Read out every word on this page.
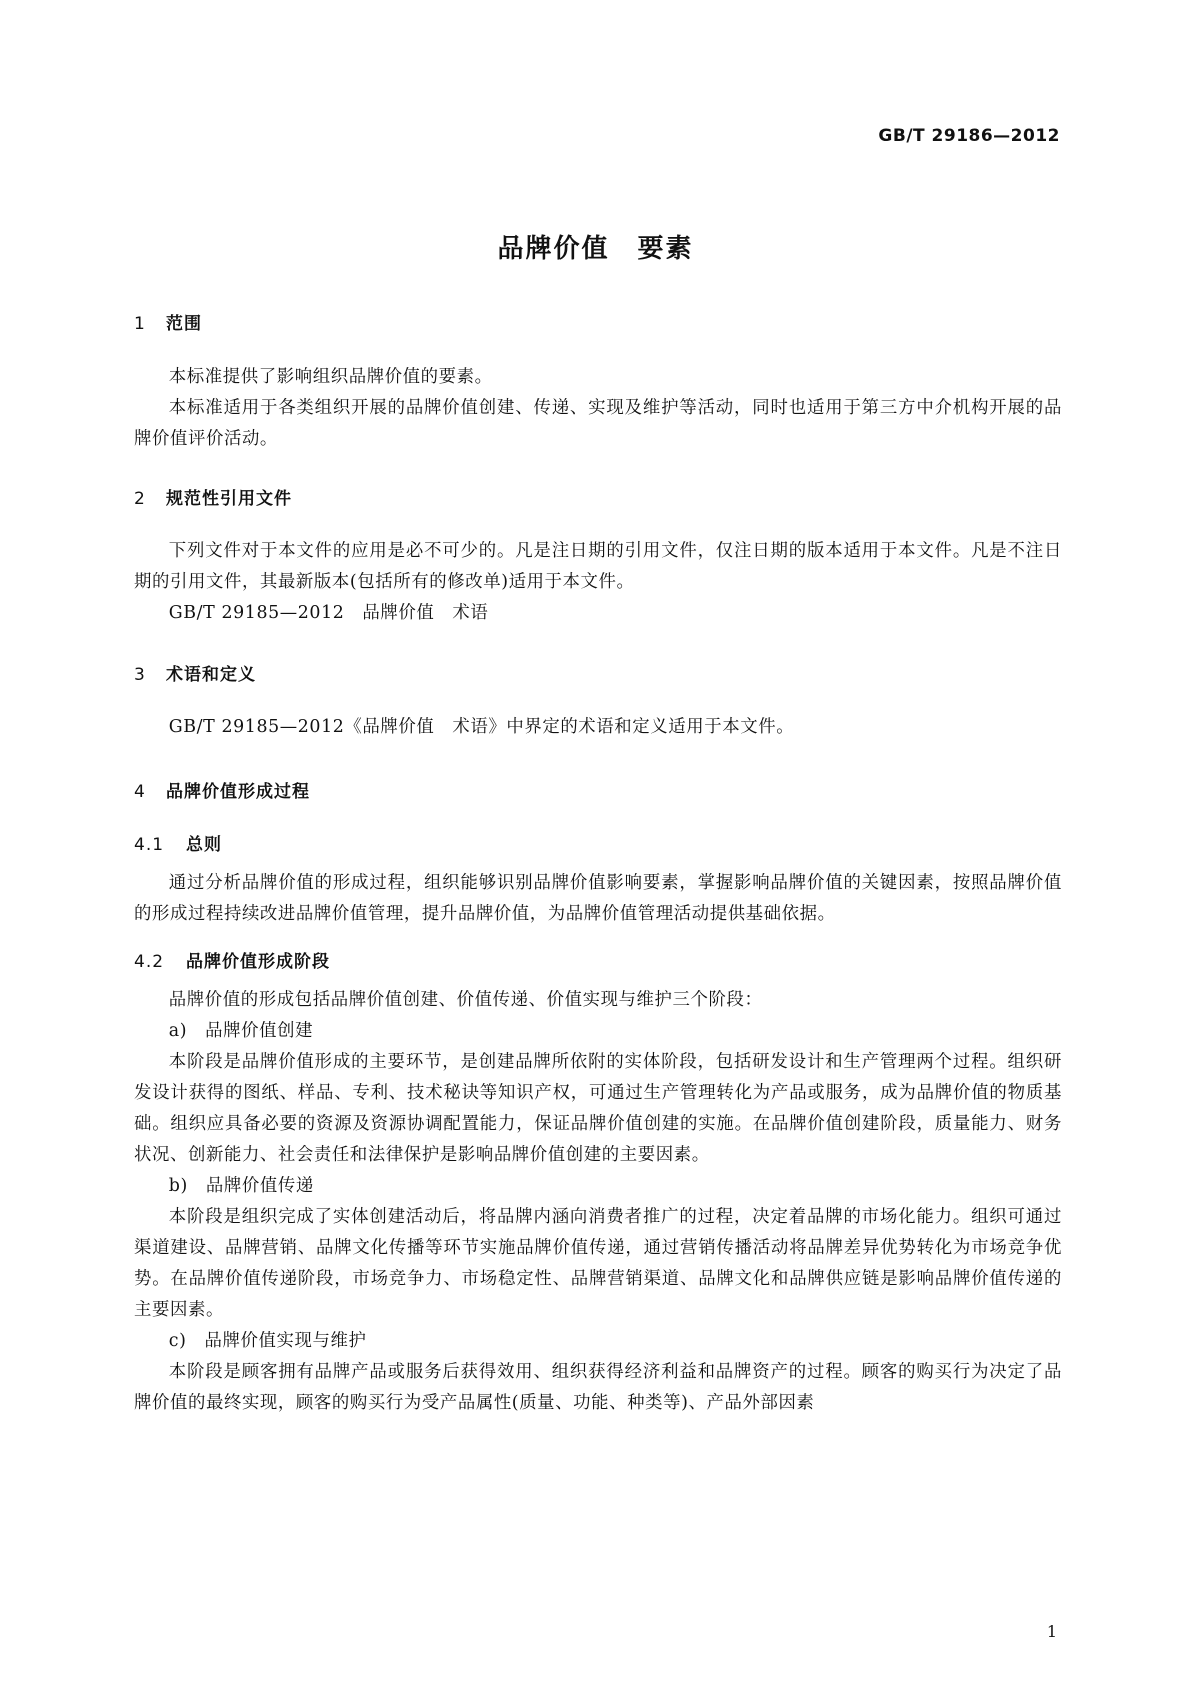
GB/T 29186—2012
品牌价值　要素
1 范围

本标准提供了影响组织品牌价值的要素。

本标准适用于各类组织开展的品牌价值创建、传递、实现及维护等活动，同时也适用于第三方中介机构开展的品牌价值评价活动。

2 规范性引用文件

下列文件对于本文件的应用是必不可少的。凡是注日期的引用文件，仅注日期的版本适用于本文件。凡是不注日期的引用文件，其最新版本(包括所有的修改单)适用于本文件。

GB/T 29185—2012　品牌价值　术语

3 术语和定义

GB/T 29185—2012《品牌价值　术语》中界定的术语和定义适用于本文件。

4 品牌价值形成过程
4.1 总则

通过分析品牌价值的形成过程，组织能够识别品牌价值影响要素，掌握影响品牌价值的关键因素，按照品牌价值的形成过程持续改进品牌价值管理，提升品牌价值，为品牌价值管理活动提供基础依据。

4.2 品牌价值形成阶段

品牌价值的形成包括品牌价值创建、价值传递、价值实现与维护三个阶段：

a)　品牌价值创建

本阶段是品牌价值形成的主要环节，是创建品牌所依附的实体阶段，包括研发设计和生产管理两个过程。组织研发设计获得的图纸、样品、专利、技术秘诀等知识产权，可通过生产管理转化为产品或服务，成为品牌价值的物质基础。组织应具备必要的资源及资源协调配置能力，保证品牌价值创建的实施。在品牌价值创建阶段，质量能力、财务状况、创新能力、社会责任和法律保护是影响品牌价值创建的主要因素。

b)　品牌价值传递

本阶段是组织完成了实体创建活动后，将品牌内涵向消费者推广的过程，决定着品牌的市场化能力。组织可通过渠道建设、品牌营销、品牌文化传播等环节实施品牌价值传递，通过营销传播活动将品牌差异优势转化为市场竞争优势。在品牌价值传递阶段，市场竞争力、市场稳定性、品牌营销渠道、品牌文化和品牌供应链是影响品牌价值传递的主要因素。

c)　品牌价值实现与维护

本阶段是顾客拥有品牌产品或服务后获得效用、组织获得经济利益和品牌资产的过程。顾客的购买行为决定了品牌价值的最终实现，顾客的购买行为受产品属性(质量、功能、种类等)、产品外部因素

1
